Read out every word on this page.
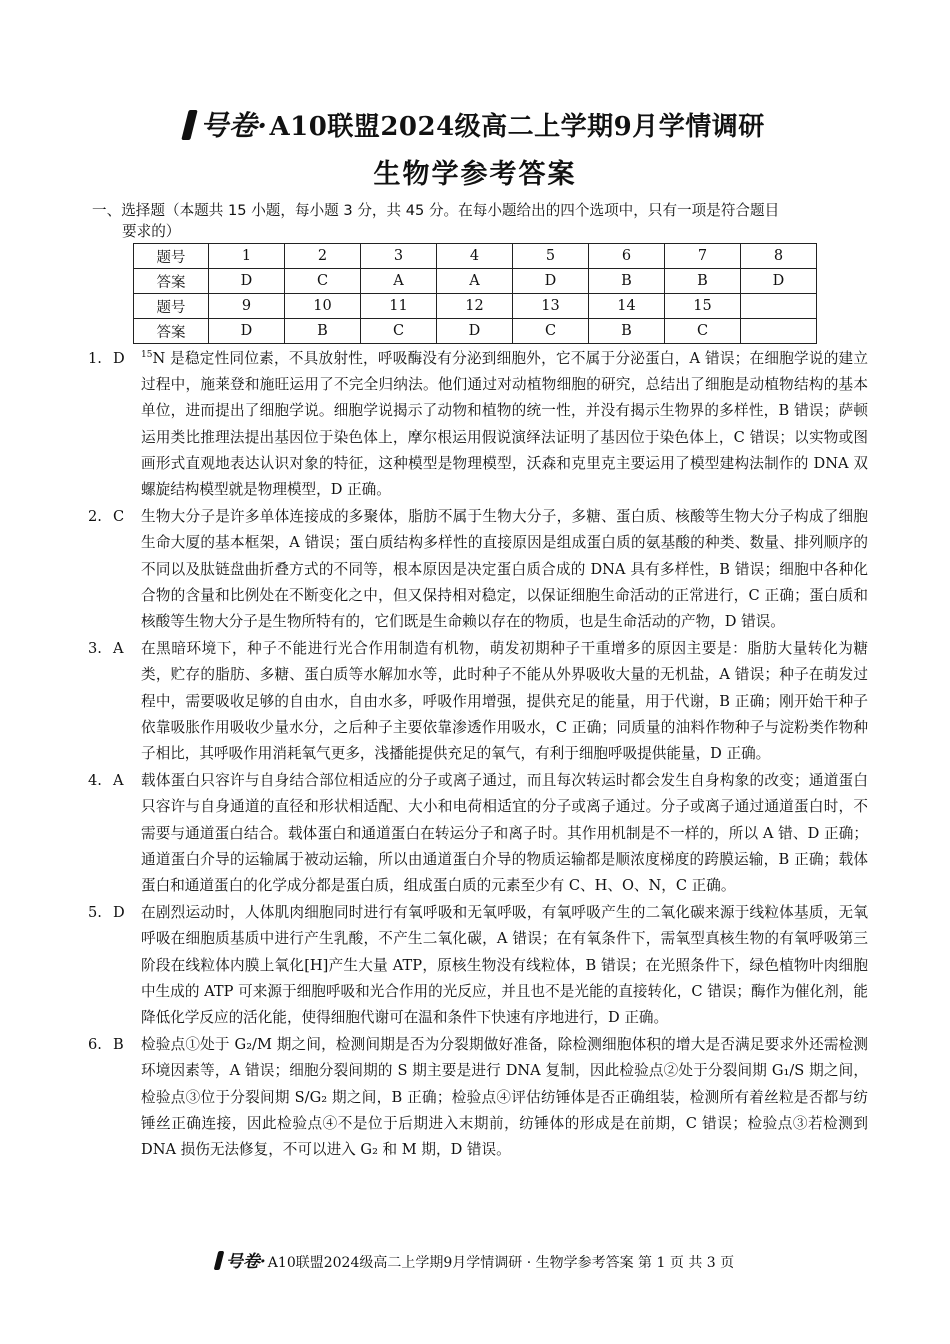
号卷·A10联盟2024级高二上学期9月学情调研
生物学参考答案
一、选择题（本题共 15 小题，每小题 3 分，共 45 分。在每小题给出的四个选项中，只有一项是符合题目
要求的）
题号	1	2	3	4	5	6	7	8
答案	D	C	A	A	D	B	B	D
题号	9	10	11	12	13	14	15	
答案	D	B	C	D	C	B	C	
1. D $^{15}$N 是稳定性同位素，不具放射性，呼吸酶没有分泌到细胞外，它不属于分泌蛋白，A 错误；在细胞学说的建立过程中，施莱登和施旺运用了不完全归纳法。他们通过对动植物细胞的研究，总结出了细胞是动植物结构的基本单位，进而提出了细胞学说。细胞学说揭示了动物和植物的统一性，并没有揭示生物界的多样性，B 错误；萨顿运用类比推理法提出基因位于染色体上，摩尔根运用假说演绎法证明了基因位于染色体上，C 错误；以实物或图画形式直观地表达认识对象的特征，这种模型是物理模型，沃森和克里克主要运用了模型建构法制作的 DNA 双螺旋结构模型就是物理模型，D 正确。
2. C 生物大分子是许多单体连接成的多聚体，脂肪不属于生物大分子，多糖、蛋白质、核酸等生物大分子构成了细胞生命大厦的基本框架，A 错误；蛋白质结构多样性的直接原因是组成蛋白质的氨基酸的种类、数量、排列顺序的不同以及肽链盘曲折叠方式的不同等，根本原因是决定蛋白质合成的 DNA 具有多样性，B 错误；细胞中各种化合物的含量和比例处在不断变化之中，但又保持相对稳定，以保证细胞生命活动的正常进行，C 正确；蛋白质和核酸等生物大分子是生物所特有的，它们既是生命赖以存在的物质，也是生命活动的产物，D 错误。
3. A 在黑暗环境下，种子不能进行光合作用制造有机物，萌发初期种子干重增多的原因主要是：脂肪大量转化为糖类，贮存的脂肪、多糖、蛋白质等水解加水等，此时种子不能从外界吸收大量的无机盐，A 错误；种子在萌发过程中，需要吸收足够的自由水，自由水多，呼吸作用增强，提供充足的能量，用于代谢，B 正确；刚开始干种子依靠吸胀作用吸收少量水分，之后种子主要依靠渗透作用吸水，C 正确；同质量的油料作物种子与淀粉类作物种子相比，其呼吸作用消耗氧气更多，浅播能提供充足的氧气，有利于细胞呼吸提供能量，D 正确。
4. A 载体蛋白只容许与自身结合部位相适应的分子或离子通过，而且每次转运时都会发生自身构象的改变；通道蛋白只容许与自身通道的直径和形状相适配、大小和电荷相适宜的分子或离子通过。分子或离子通过通道蛋白时，不需要与通道蛋白结合。载体蛋白和通道蛋白在转运分子和离子时。其作用机制是不一样的，所以 A 错、D 正确；通道蛋白介导的运输属于被动运输，所以由通道蛋白介导的物质运输都是顺浓度梯度的跨膜运输，B 正确；载体蛋白和通道蛋白的化学成分都是蛋白质，组成蛋白质的元素至少有 C、H、O、N，C 正确。
5. D 在剧烈运动时，人体肌肉细胞同时进行有氧呼吸和无氧呼吸，有氧呼吸产生的二氧化碳来源于线粒体基质，无氧呼吸在细胞质基质中进行产生乳酸，不产生二氧化碳，A 错误；在有氧条件下，需氧型真核生物的有氧呼吸第三阶段在线粒体内膜上氧化[H]产生大量 ATP，原核生物没有线粒体，B 错误；在光照条件下，绿色植物叶肉细胞中生成的 ATP 可来源于细胞呼吸和光合作用的光反应，并且也不是光能的直接转化，C 错误；酶作为催化剂，能降低化学反应的活化能，使得细胞代谢可在温和条件下快速有序地进行，D 正确。
6. B 检验点①处于 G₂/M 期之间，检测间期是否为分裂期做好准备，除检测细胞体积的增大是否满足要求外还需检测环境因素等，A 错误；细胞分裂间期的 S 期主要是进行 DNA 复制，因此检验点②处于分裂间期 G₁/S 期之间，检验点③位于分裂间期 S/G₂ 期之间，B 正确；检验点④评估纺锤体是否正确组装，检测所有着丝粒是否都与纺锤丝正确连接，因此检验点④不是位于后期进入末期前，纺锤体的形成是在前期，C 错误；检验点③若检测到 DNA 损伤无法修复，不可以进入 G₂ 和 M 期，D 错误。
号卷· A10联盟2024级高二上学期9月学情调研 · 生物学参考答案 第 1 页 共 3 页
